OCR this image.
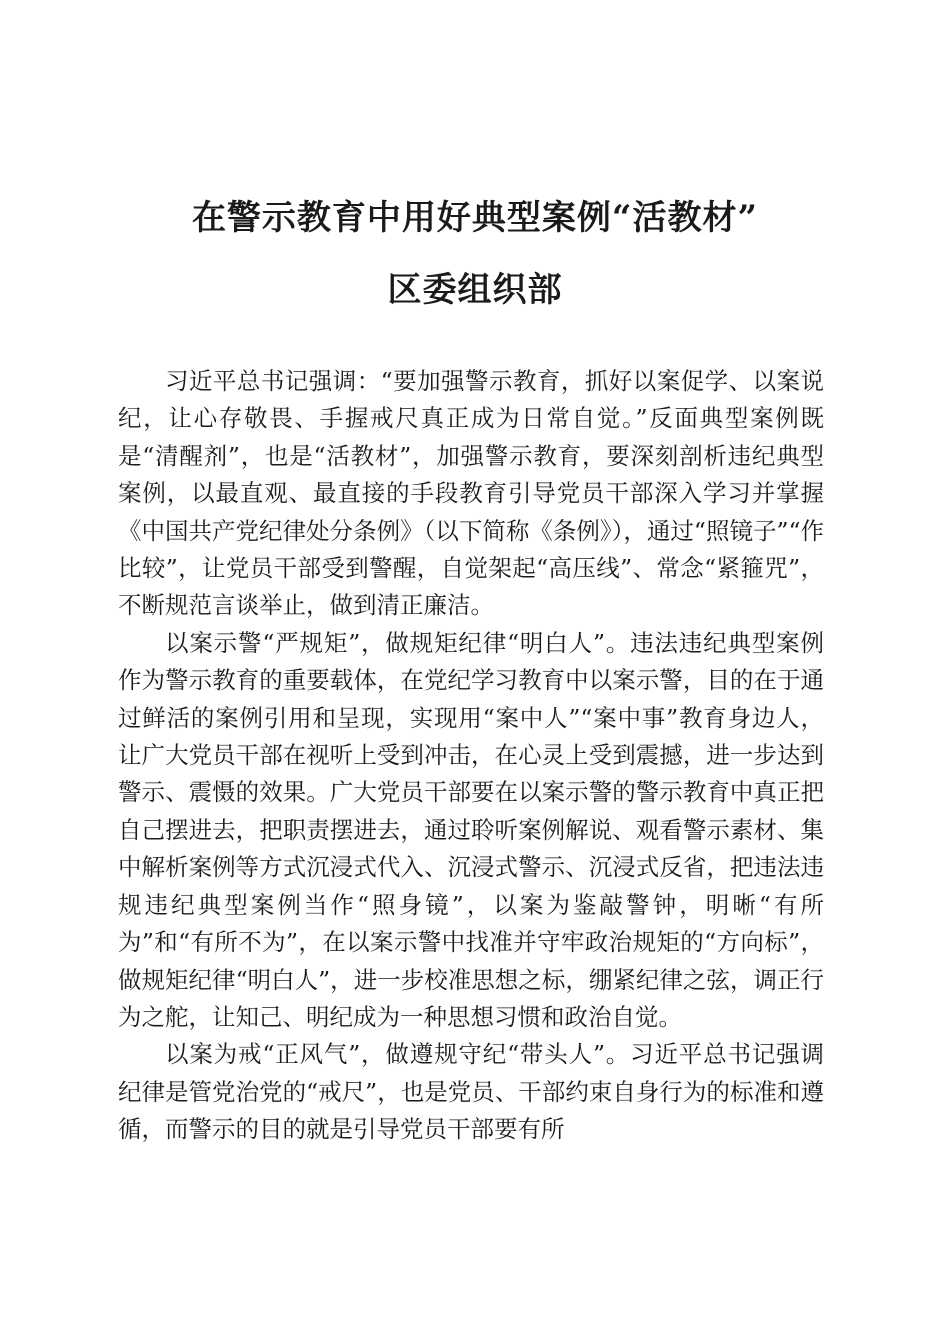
在警示教育中用好典型案例“活教材”
区委组织部

习近平总书记强调：“要加强警示教育，抓好以案促学、以案说纪，让心存敬畏、手握戒尺真正成为日常自觉。”反面典型案例既是“清醒剂”，也是“活教材”，加强警示教育，要深刻剖析违纪典型案例，以最直观、最直接的手段教育引导党员干部深入学习并掌握《中国共产党纪律处分条例》（以下简称《条例》），通过“照镜子”“作比较”，让党员干部受到警醒，自觉架起“高压线”、常念“紧箍咒”，不断规范言谈举止，做到清正廉洁。

以案示警“严规矩”，做规矩纪律“明白人”。违法违纪典型案例作为警示教育的重要载体，在党纪学习教育中以案示警，目的在于通过鲜活的案例引用和呈现，实现用“案中人”“案中事”教育身边人，让广大党员干部在视听上受到冲击，在心灵上受到震撼，进一步达到警示、震慑的效果。广大党员干部要在以案示警的警示教育中真正把自己摆进去，把职责摆进去，通过聆听案例解说、观看警示素材、集中解析案例等方式沉浸式代入、沉浸式警示、沉浸式反省，把违法违规违纪典型案例当作“照身镜”，以案为鉴敲警钟，明晰“有所为”和“有所不为”，在以案示警中找准并守牢政治规矩的“方向标”，做规矩纪律“明白人”，进一步校准思想之标，绷紧纪律之弦，调正行为之舵，让知己、明纪成为一种思想习惯和政治自觉。

以案为戒“正风气”，做遵规守纪“带头人”。习近平总书记强调纪律是管党治党的“戒尺”，也是党员、干部约束自身行为的标准和遵循，而警示的目的就是引导党员干部要有所
